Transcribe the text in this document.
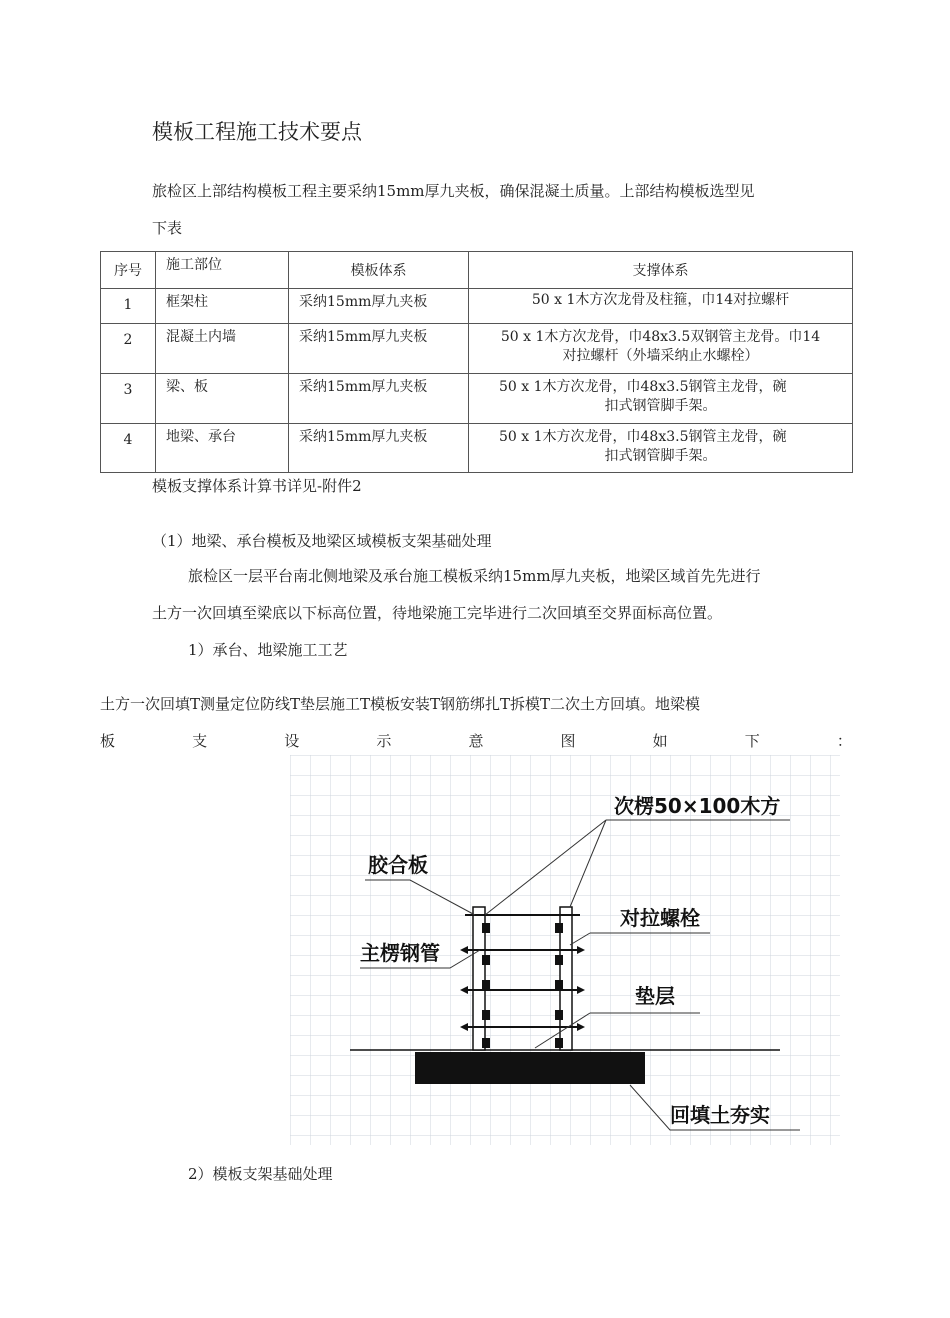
模板工程施工技术要点
旅检区上部结构模板工程主要采纳15mm厚九夹板，确保混凝土质量。上部结构模板选型见
下表
序号	施工部位	模板体系	支撑体系
1	框架柱	采纳15mm厚九夹板	50 x 1木方次龙骨及柱箍，巾14对拉螺杆

2	混凝土内墙	采纳15mm厚九夹板	50 x 1木方次龙骨，巾48x3.5双钢管主龙骨。巾14
对拉螺杆（外墙采纳止水螺栓）

3	梁、板	采纳15mm厚九夹板	50 x 1木方次龙骨，巾48x3.5钢管主龙骨，碗
扣式钢管脚手架。

4	地梁、承台	采纳15mm厚九夹板	50 x 1木方次龙骨，巾48x3.5钢管主龙骨，碗
扣式钢管脚手架。
模板支撑体系计算书详见-附件2
（1）地梁、承台模板及地梁区域模板支架基础处理
旅检区一层平台南北侧地梁及承台施工模板采纳15mm厚九夹板，地梁区域首先先进行
土方一次回填至梁底以下标高位置，待地梁施工完毕进行二次回填至交界面标高位置。
1）承台、地梁施工工艺
土方一次回填T测量定位防线T垫层施工T模板安装T钢筋绑扎T拆模T二次土方回填。地梁模
板	支	设	示	意	图	如	下	：
次楞50×100木方
胶合板
对拉螺栓
主楞钢管
垫层
回填土夯实
2）模板支架基础处理
